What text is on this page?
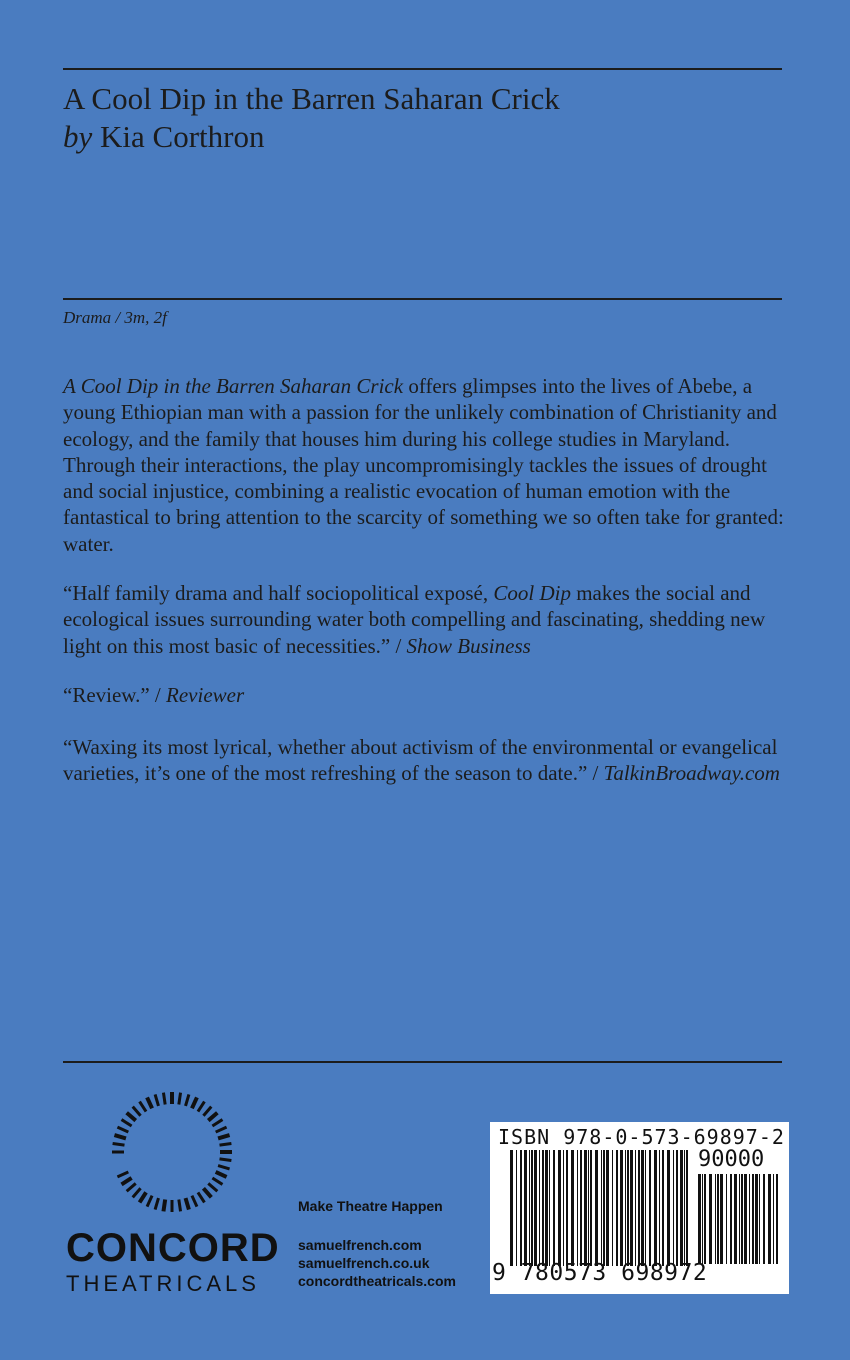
A Cool Dip in the Barren Saharan Crick
by Kia Corthron
Drama / 3m, 2f
A Cool Dip in the Barren Saharan Crick offers glimpses into the lives of Abebe, a young Ethiopian man with a passion for the unlikely combination of Christianity and ecology, and the family that houses him during his college studies in Maryland. Through their interactions, the play uncompromisingly tackles the issues of drought and social injustice, combining a realistic evocation of human emotion with the fantastical to bring attention to the scarcity of something we so often take for granted: water.
“Half family drama and half sociopolitical exposé, Cool Dip makes the social and ecological issues surrounding water both compelling and fascinating, shedding new light on this most basic of necessities.” / Show Business
“Review.” / Reviewer
“Waxing its most lyrical, whether about activism of the environmental or evangelical varieties, it’s one of the most refreshing of the season to date.” / TalkinBroadway.com
CONCORD
THEATRICALS
Make Theatre Happen
samuelfrench.com
samuelfrench.co.uk
concordtheatricals.com
ISBN 978-0-573-69897-2
90000
9 780573 698972
